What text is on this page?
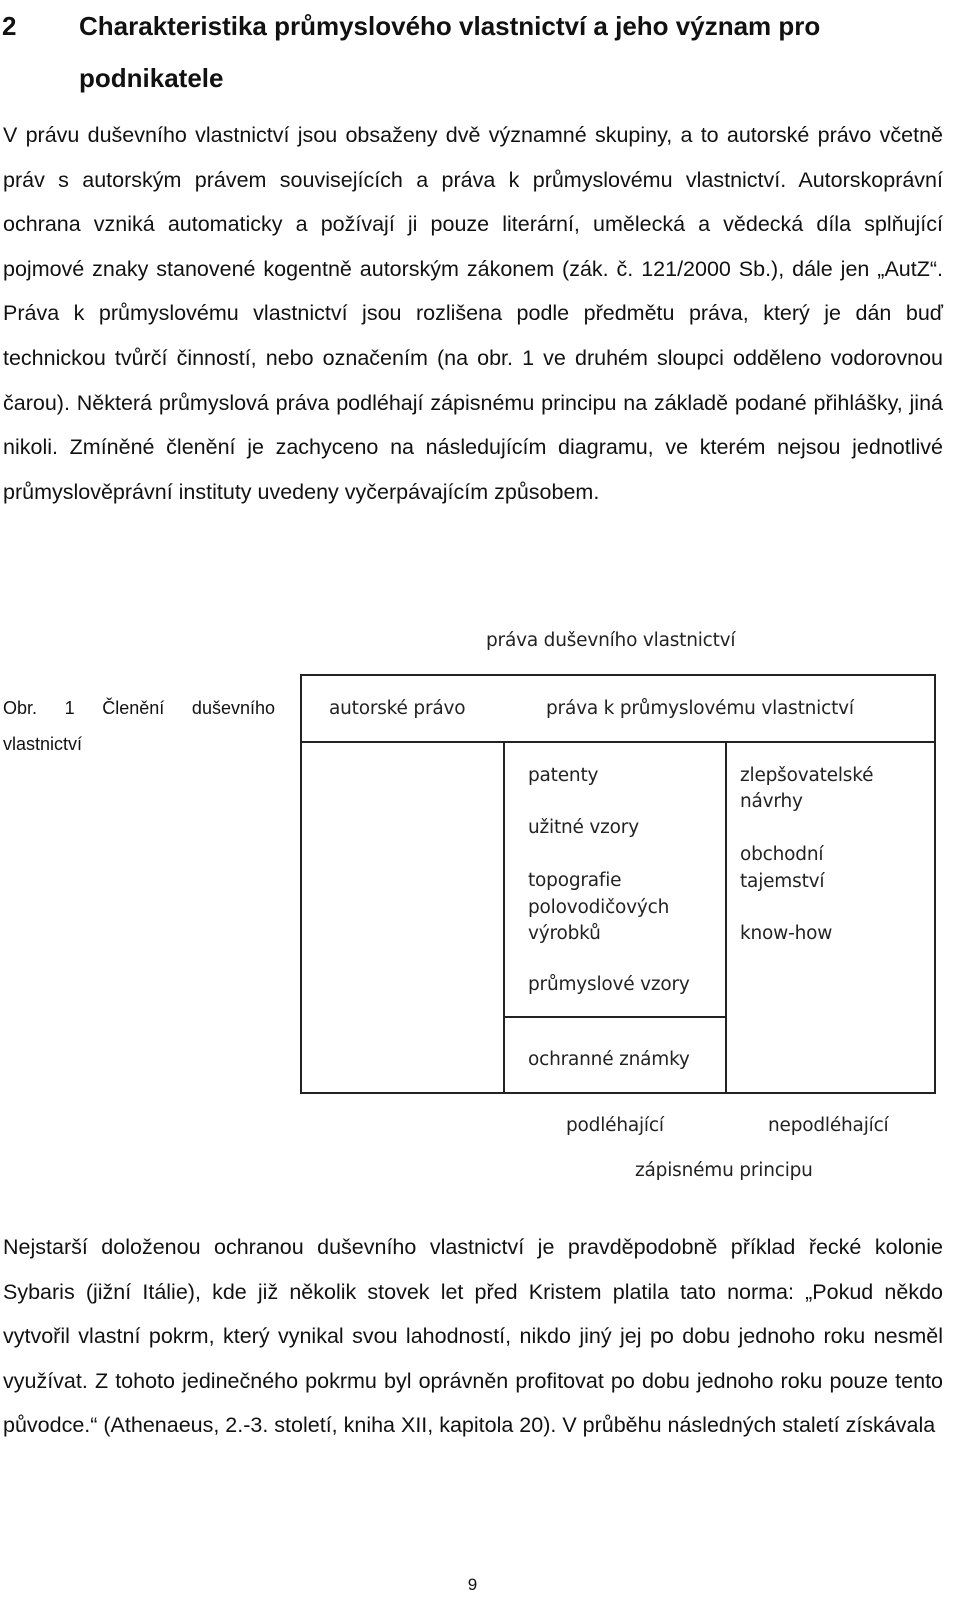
2	Charakteristika průmyslového vlastnictví a jeho význam pro podnikatele

V právu duševního vlastnictví jsou obsaženy dvě významné skupiny, a to autorské právo včetně práv s autorským právem souvisejících a práva k průmyslovému vlastnictví. Autorskoprávní ochrana vzniká automaticky a požívají ji pouze literární, umělecká a vědecká díla splňující pojmové znaky stanovené kogentně autorským zákonem (zák. č. 121/2000 Sb.), dále jen „AutZ“. Práva k průmyslovému vlastnictví jsou rozlišena podle předmětu práva, který je dán buď technickou tvůrčí činností, nebo označením (na obr. 1 ve druhém sloupci odděleno vodorovnou čarou). Některá průmyslová práva podléhají zápisnému principu na základě podané přihlášky, jiná nikoli. Zmíněné členění je zachyceno na následujícím diagramu, ve kterém nejsou jednotlivé průmyslověprávní instituty uvedeny vyčerpávajícím způsobem.

Obr. 1 Členění duševního vlastnictví
práva duševního vlastnictví
autorské právo	práva k průmyslovému vlastnictví
patenty
užitné vzory
topografie
polovodičových
výrobků
průmyslové vzory
ochranné známky
zlepšovatelské
návrhy
obchodní
tajemství
know-how
podléhající	nepodléhající
zápisnému principu

Nejstarší doloženou ochranou duševního vlastnictví je pravděpodobně příklad řecké kolonie Sybaris (jižní Itálie), kde již několik stovek let před Kristem platila tato norma: „Pokud někdo vytvořil vlastní pokrm, který vynikal svou lahodností, nikdo jiný jej po dobu jednoho roku nesměl využívat. Z tohoto jedinečného pokrmu byl oprávněn profitovat po dobu jednoho roku pouze tento původce.“ (Athenaeus, 2.-3. století, kniha XII, kapitola 20). V průběhu následných staletí získávala

9
